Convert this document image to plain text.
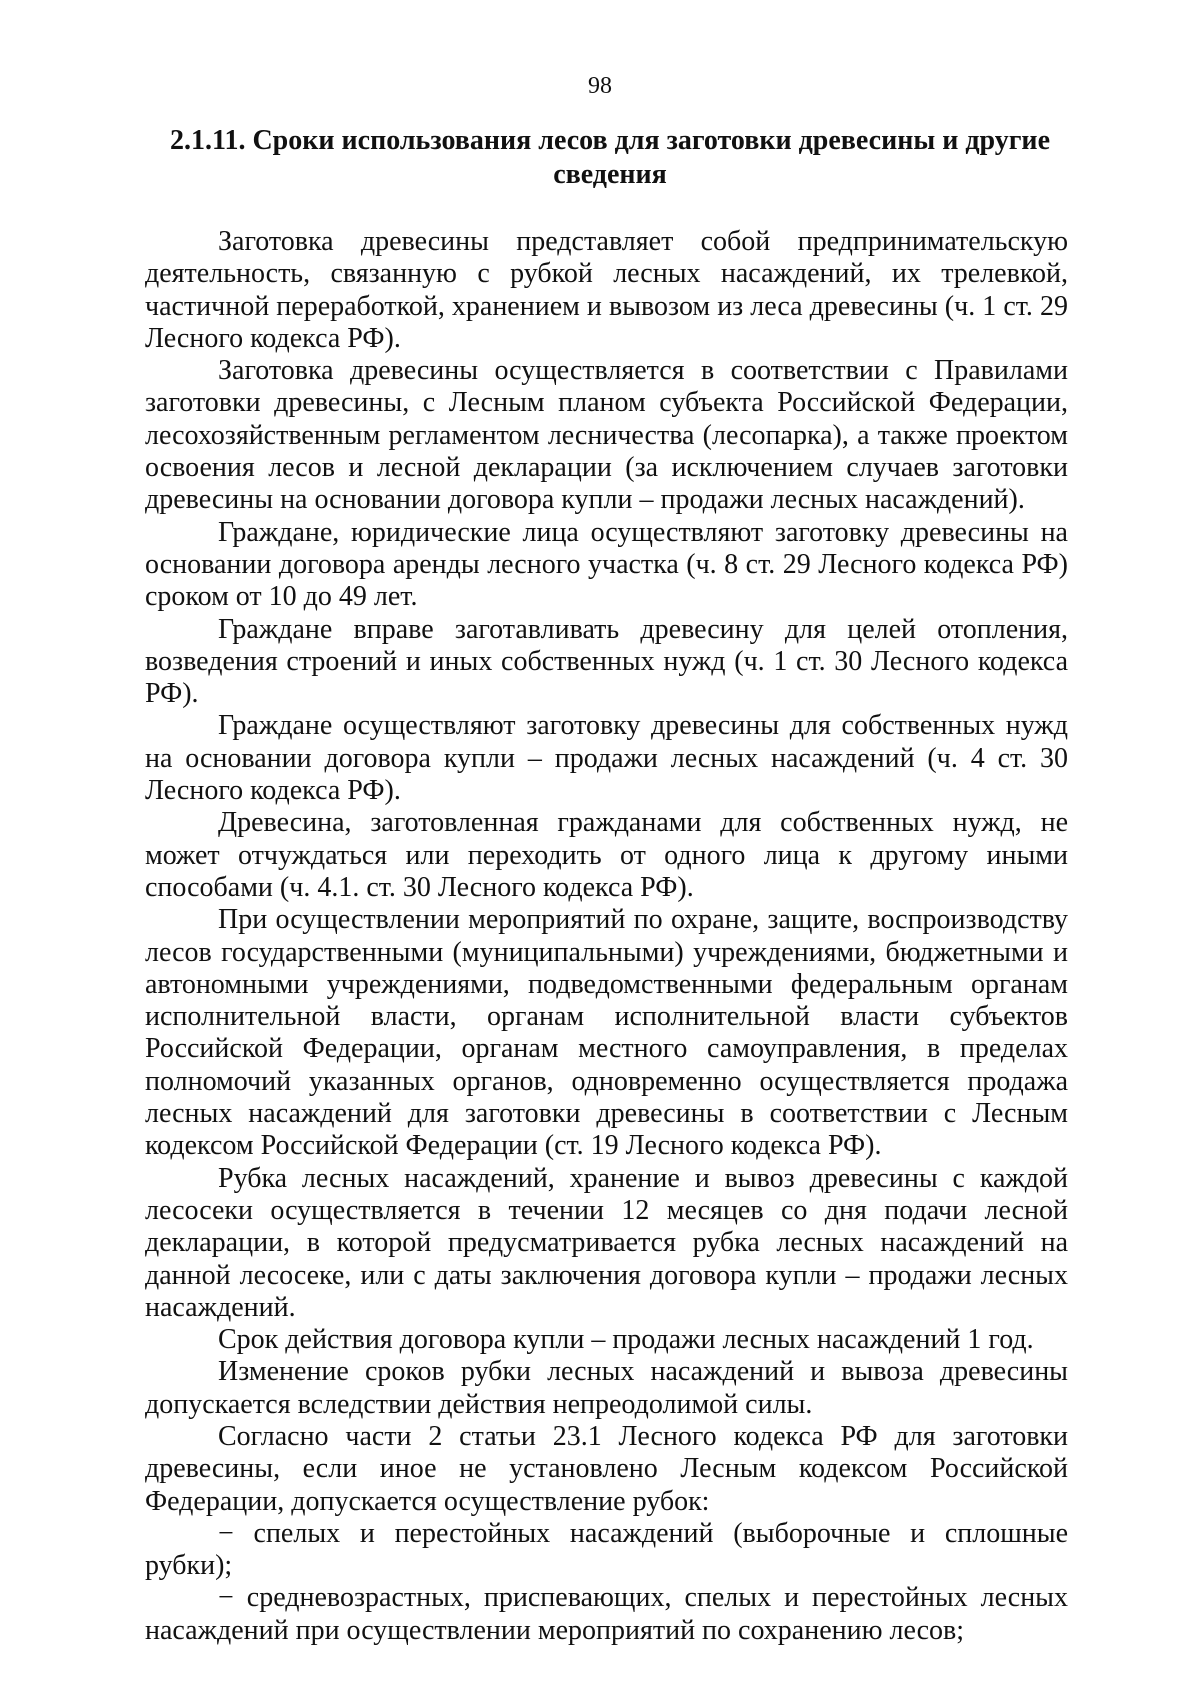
98
2.1.11. Сроки использования лесов для заготовки древесины и другие сведения

Заготовка древесины представляет собой предпринимательскую деятельность, связанную с рубкой лесных насаждений, их трелевкой, частичной переработкой, хранением и вывозом из леса древесины (ч. 1 ст. 29 Лесного кодекса РФ).

Заготовка древесины осуществляется в соответствии с Правилами заготовки древесины, с Лесным планом субъекта Российской Федерации, лесохозяйственным регламентом лесничества (лесопарка), а также проектом освоения лесов и лесной декларации (за исключением случаев заготовки древесины на основании договора купли – продажи лесных насаждений).

Граждане, юридические лица осуществляют заготовку древесины на основании договора аренды лесного участка (ч. 8 ст. 29 Лесного кодекса РФ) сроком от 10 до 49 лет.

Граждане вправе заготавливать древесину для целей отопления, возведения строений и иных собственных нужд (ч. 1 ст. 30 Лесного кодекса РФ).

Граждане осуществляют заготовку древесины для собственных нужд на основании договора купли – продажи лесных насаждений (ч. 4 ст. 30 Лесного кодекса РФ).

Древесина, заготовленная гражданами для собственных нужд, не может отчуждаться или переходить от одного лица к другому иными способами (ч. 4.1. ст. 30 Лесного кодекса РФ).

При осуществлении мероприятий по охране, защите, воспроизводству лесов государственными (муниципальными) учреждениями, бюджетными и автономными учреждениями, подведомственными федеральным органам исполнительной власти, органам исполнительной власти субъектов Российской Федерации, органам местного самоуправления, в пределах полномочий указанных органов, одновременно осуществляется продажа лесных насаждений для заготовки древесины в соответствии с Лесным кодексом Российской Федерации (ст. 19 Лесного кодекса РФ).

Рубка лесных насаждений, хранение и вывоз древесины с каждой лесосеки осуществляется в течении 12 месяцев со дня подачи лесной декларации, в которой предусматривается рубка лесных насаждений на данной лесосеке, или с даты заключения договора купли – продажи лесных насаждений.

Срок действия договора купли – продажи лесных насаждений 1 год.

Изменение сроков рубки лесных насаждений и вывоза древесины допускается вследствии действия непреодолимой силы.

Согласно части 2 статьи 23.1 Лесного кодекса РФ для заготовки древесины, если иное не установлено Лесным кодексом Российской Федерации, допускается осуществление рубок:

− спелых и перестойных насаждений (выборочные и сплошные рубки);

− средневозрастных, приспевающих, спелых и перестойных лесных насаждений при осуществлении мероприятий по сохранению лесов;
